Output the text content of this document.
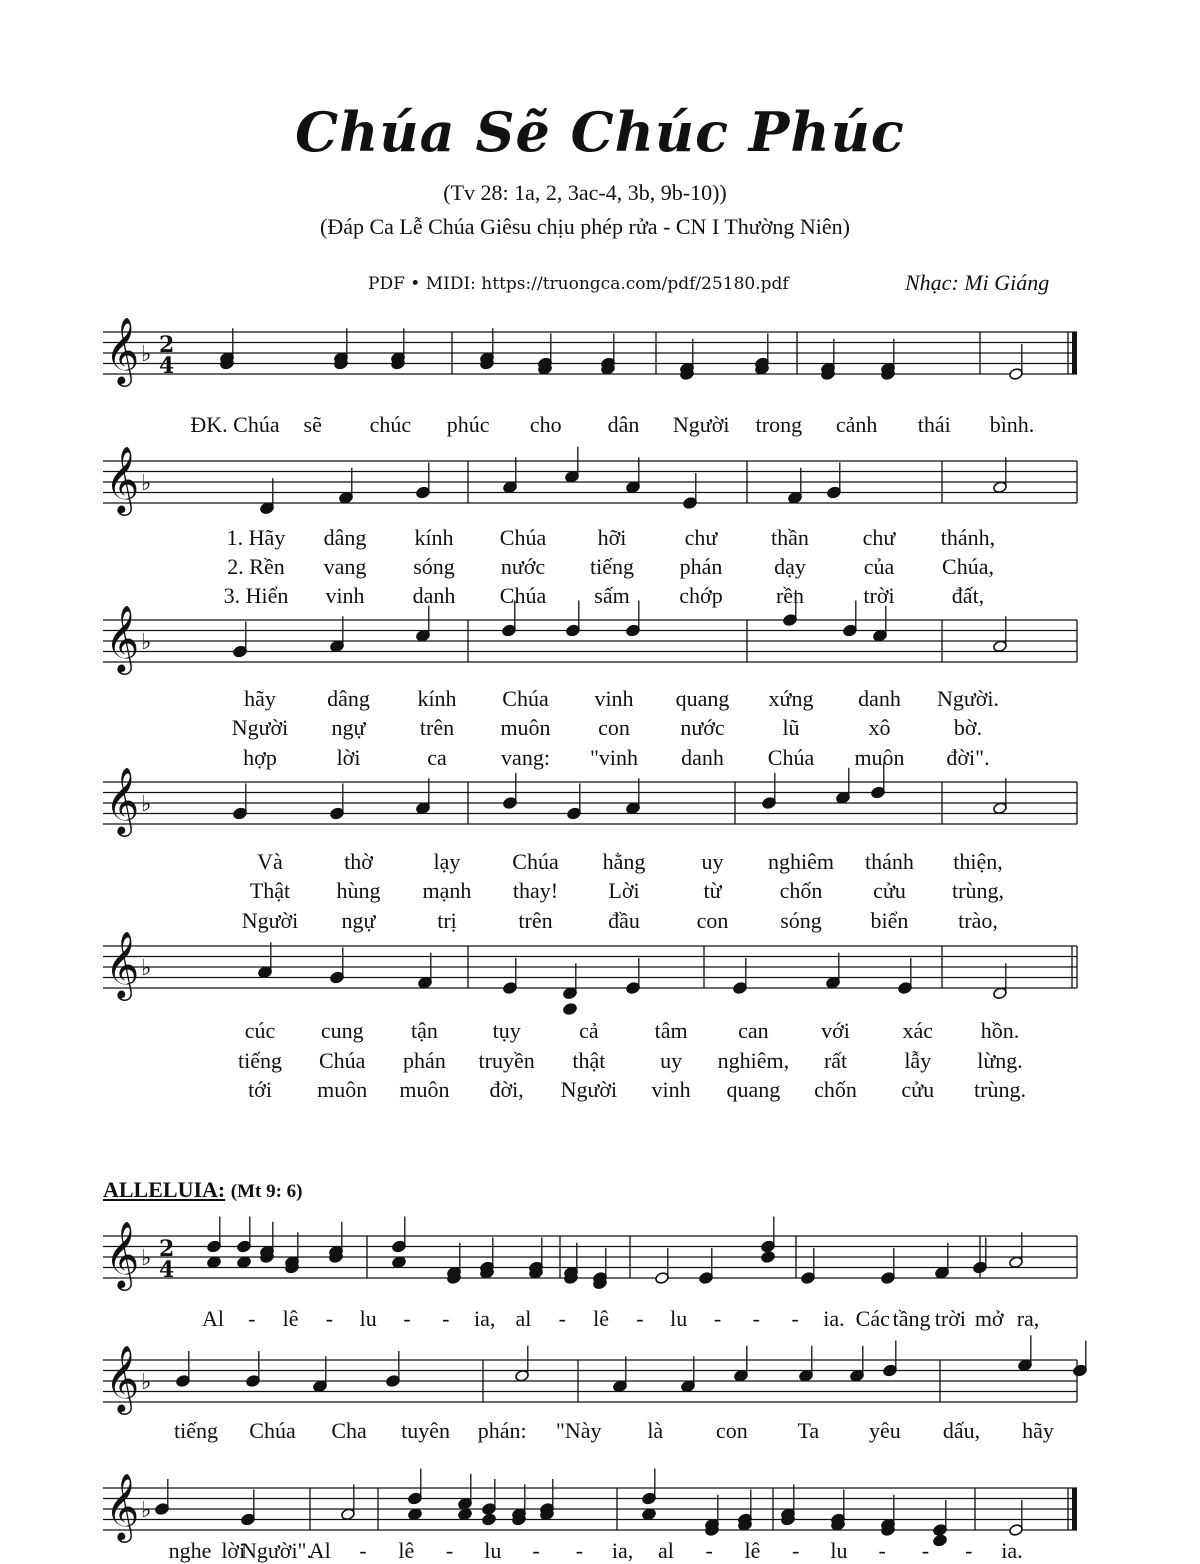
Chúa Sẽ Chúc Phúc
(Tv 28: 1a, 2, 3ac-4, 3b, 9b-10))
(Đáp Ca Lễ Chúa Giêsu chịu phép rửa - CN I Thường Niên)
PDF • MIDI: https://truongca.com/pdf/25180.pdf	Nhạc: Mi Giáng
ALLELUIA: (Mt 9: 6)
𝄞 ♭ 2
4
ĐK. Chúa sẽ chúc phúc cho dân Người trong cảnh thái bình.
𝄞 ♭
1. Hãy dâng kính Chúa hỡi	chư thần chư thánh,
2. Rền vang sóng nước tiếng phán dạy	của Chúa,
3. Hiển vinh danh Chúa sấm chớp rền	trời	đất,
𝄞 ♭
hãy dâng kính Chúa vinh quang xứng danh Người.
Người ngự trên muôn con nước	lũ	xô	bờ.
hợp	lời	ca vang: "vinh danh Chúa muôn đời".
𝄞 ♭
Và	thờ	lạy Chúa hằng	uy nghiêm thánh thiện,
Thật hùng mạnh thay! Lời	từ	chốn cửu trùng,
Người ngự	trị	trên	đầu	con sóng biển trào,
𝄞 ♭
cúc cung tận tụy	cả	tâm can với xác hồn.
tiếng Chúa phán truyền thật uy nghiêm, rất	lẫy lừng.
tới muôn muôn đời, Người vinh quang chốn cửu trùng.
𝄞 ♭ 2
4
Al - lê - lu - - ia, al - lê - lu - - - ia. Các tầng trời mở ra,
𝄞 ♭
tiếng Chúa Cha tuyên phán: "Này là con Ta yêu dấu, hãy
𝄞 ♭
nghe lời
Người".
Al - lê - lu - - ia, al - lê - lu - - - ia.
